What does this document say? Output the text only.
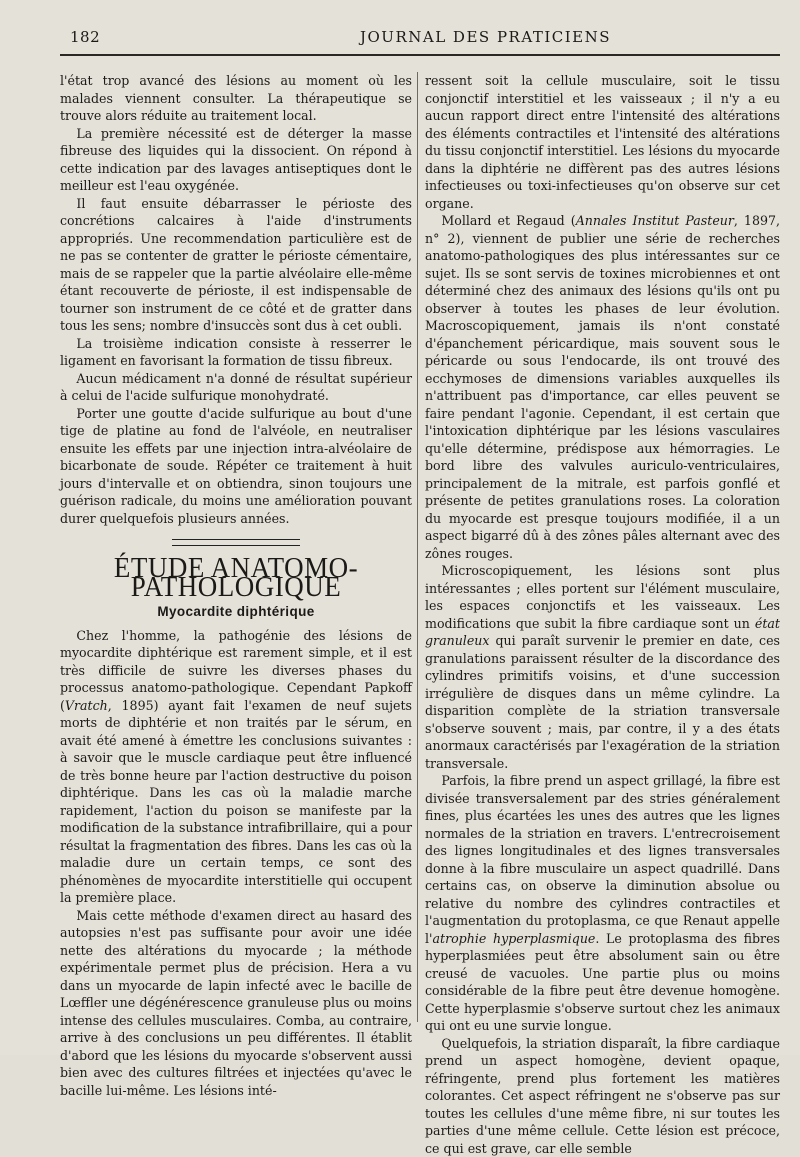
182	JOURNAL DES PRATICIENS

l'état trop avancé des lésions au moment où les malades viennent consulter. La thérapeutique se trouve alors réduite au traitement local.

La première nécessité est de déterger la masse fibreuse des liquides qui la dissocient. On répond à cette indication par des lavages antiseptiques dont le meilleur est l'eau oxygénée.

Il faut ensuite débarrasser le périoste des concrétions calcaires à l'aide d'instruments appropriés. Une recommendation particulière est de ne pas se contenter de gratter le périoste cémentaire, mais de se rappeler que la partie alvéolaire elle-même étant recouverte de périoste, il est indispensable de tourner son instrument de ce côté et de gratter dans tous les sens; nombre d'insuccès sont dus à cet oubli.

La troisième indication consiste à resserrer le ligament en favorisant la formation de tissu fibreux.

Aucun médicament n'a donné de résultat supérieur à celui de l'acide sulfurique monohydraté.

Porter une goutte d'acide sulfurique au bout d'une tige de platine au fond de l'alvéole, en neutraliser ensuite les effets par une injection intra-alvéolaire de bicarbonate de soude. Répéter ce traitement à huit jours d'intervalle et on obtiendra, sinon toujours une guérison radicale, du moins une amélioration pouvant durer quelquefois plusieurs années.

ÉTUDE ANATOMO-PATHOLOGIQUE
Myocardite diphtérique

Chez l'homme, la pathogénie des lésions de myocardite diphtérique est rarement simple, et il est très difficile de suivre les diverses phases du processus anatomo-pathologique. Cependant Papkoff (Vratch, 1895) ayant fait l'examen de neuf sujets morts de diphtérie et non traités par le sérum, en avait été amené à émettre les conclusions suivantes : à savoir que le muscle cardiaque peut être influencé de très bonne heure par l'action destructive du poison diphtérique. Dans les cas où la maladie marche rapidement, l'action du poison se manifeste par la modification de la substance intrafibrillaire, qui a pour résultat la fragmentation des fibres. Dans les cas où la maladie dure un certain temps, ce sont des phénomènes de myocardite interstitielle qui occupent la première place.

Mais cette méthode d'examen direct au hasard des autopsies n'est pas suffisante pour avoir une idée nette des altérations du myocarde ; la méthode expérimentale permet plus de précision. Hera a vu dans un myocarde de lapin infecté avec le bacille de Lœffler une dégénérescence granuleuse plus ou moins intense des cellules musculaires. Comba, au contraire, arrive à des conclusions un peu différentes. Il établit d'abord que les lésions du myocarde s'observent aussi bien avec des cultures filtrées et injectées qu'avec le bacille lui-même. Les lésions inté-

ressent soit la cellule musculaire, soit le tissu conjonctif interstitiel et les vaisseaux ; il n'y a eu aucun rapport direct entre l'intensité des altérations des éléments contractiles et l'intensité des altérations du tissu conjonctif interstitiel. Les lésions du myocarde dans la diphtérie ne diffèrent pas des autres lésions infectieuses ou toxi-infectieuses qu'on observe sur cet organe.

Mollard et Regaud (Annales Institut Pasteur, 1897, n° 2), viennent de publier une série de recherches anatomo-pathologiques des plus intéressantes sur ce sujet. Ils se sont servis de toxines microbiennes et ont déterminé chez des animaux des lésions qu'ils ont pu observer à toutes les phases de leur évolution. Macroscopiquement, jamais ils n'ont constaté d'épanchement péricardique, mais souvent sous le péricarde ou sous l'endocarde, ils ont trouvé des ecchymoses de dimensions variables auxquelles ils n'attribuent pas d'importance, car elles peuvent se faire pendant l'agonie. Cependant, il est certain que l'intoxication diphtérique par les lésions vasculaires qu'elle détermine, prédispose aux hémorragies. Le bord libre des valvules auriculo-ventriculaires, principalement de la mitrale, est parfois gonflé et présente de petites granulations roses. La coloration du myocarde est presque toujours modifiée, il a un aspect bigarré dû à des zônes pâles alternant avec des zônes rouges.

Microscopiquement, les lésions sont plus intéressantes ; elles portent sur l'élément musculaire, les espaces conjonctifs et les vaisseaux. Les modifications que subit la fibre cardiaque sont un état granuleux qui paraît survenir le premier en date, ces granulations paraissent résulter de la discordance des cylindres primitifs voisins, et d'une succession irrégulière de disques dans un même cylindre. La disparition complète de la striation transversale s'observe souvent ; mais, par contre, il y a des états anormaux caractérisés par l'exagération de la striation transversale.

Parfois, la fibre prend un aspect grillagé, la fibre est divisée transversalement par des stries généralement fines, plus écartées les unes des autres que les lignes normales de la striation en travers. L'entrecroisement des lignes longitudinales et des lignes transversales donne à la fibre musculaire un aspect quadrillé. Dans certains cas, on observe la diminution absolue ou relative du nombre des cylindres contractiles et l'augmentation du protoplasma, ce que Renaut appelle l'atrophie hyperplasmique. Le protoplasma des fibres hyperplasmiées peut être absolument sain ou être creusé de vacuoles. Une partie plus ou moins considérable de la fibre peut être devenue homogène. Cette hyperplasmie s'observe surtout chez les animaux qui ont eu une survie longue.

Quelquefois, la striation disparaît, la fibre cardiaque prend un aspect homogène, devient opaque, réfringente, prend plus fortement les matières colorantes. Cet aspect réfringent ne s'observe pas sur toutes les cellules d'une même fibre, ni sur toutes les parties d'une même cellule. Cette lésion est précoce, ce qui est grave, car elle semble
